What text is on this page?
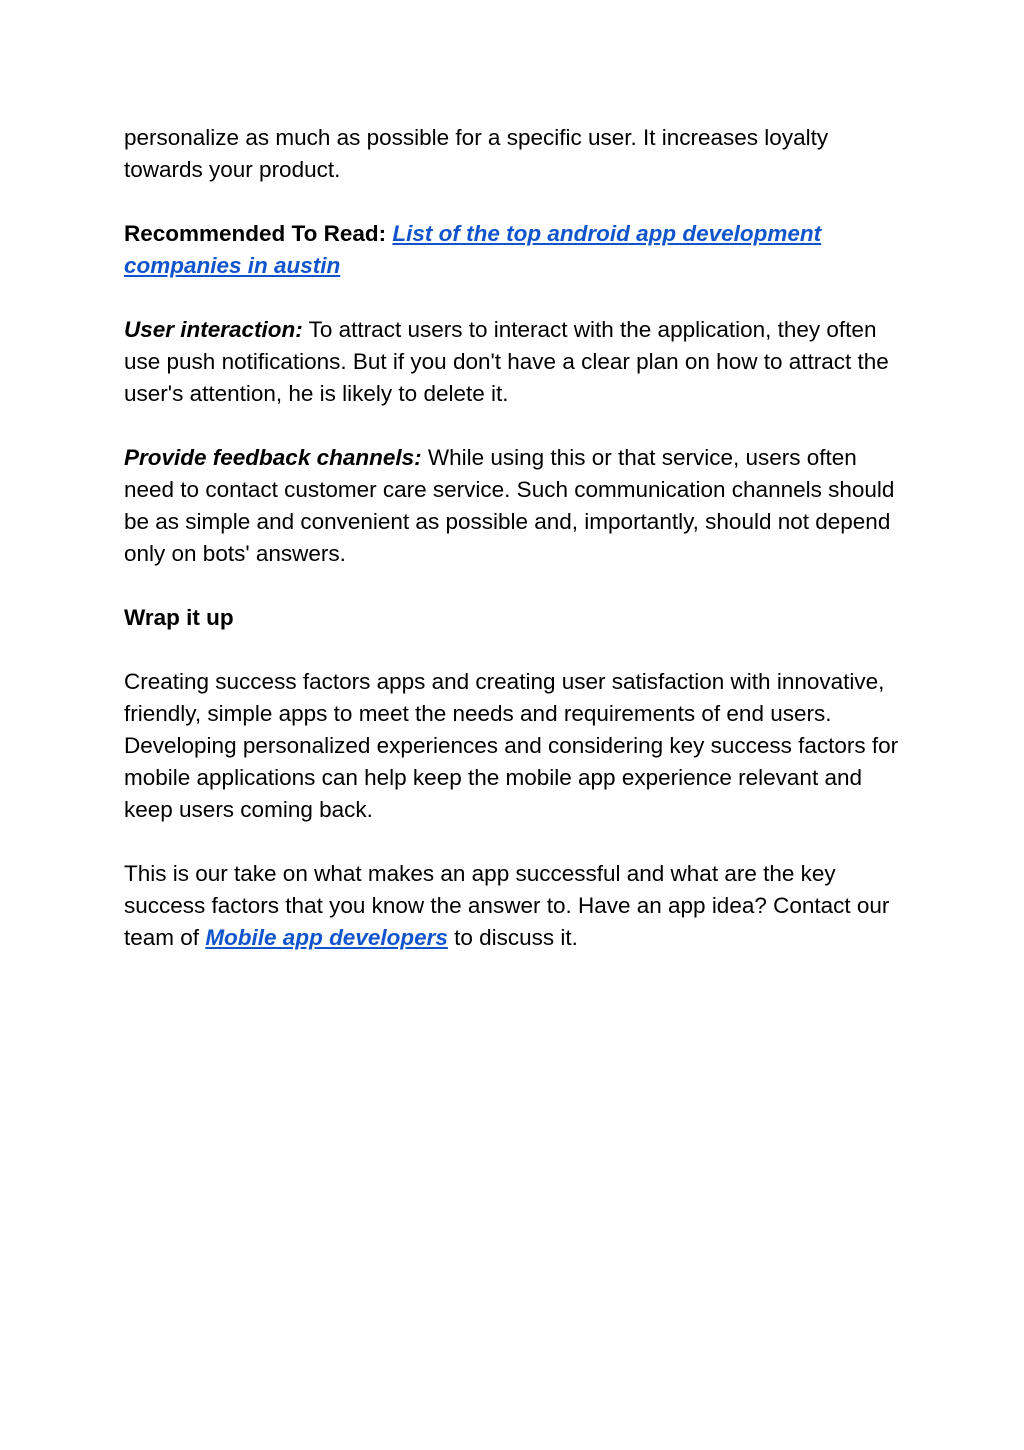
personalize as much as possible for a specific user. It increases loyalty towards your product.

Recommended To Read: List of the top android app development companies in austin

User interaction: To attract users to interact with the application, they often use push notifications. But if you don't have a clear plan on how to attract the user's attention, he is likely to delete it.

Provide feedback channels: While using this or that service, users often need to contact customer care service. Such communication channels should be as simple and convenient as possible and, importantly, should not depend only on bots' answers.

Wrap it up

Creating success factors apps and creating user satisfaction with innovative, friendly, simple apps to meet the needs and requirements of end users. Developing personalized experiences and considering key success factors for mobile applications can help keep the mobile app experience relevant and keep users coming back.

This is our take on what makes an app successful and what are the key success factors that you know the answer to. Have an app idea? Contact our team of Mobile app developers to discuss it.
